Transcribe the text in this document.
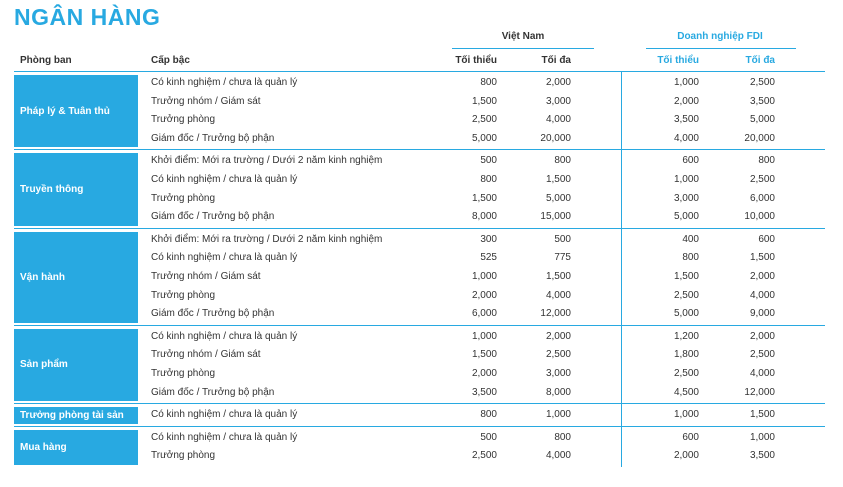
NGÂN HÀNG
Việt Nam	Doanh nghiệp FDI
Phòng ban	Cấp bậc	Tối thiểu	Tối đa	Tối thiểu	Tối đa
Pháp lý & Tuân thủ
Có kinh nghiệm / chưa là quản lý	800	2,000	1,000	2,500
Trưởng nhóm / Giám sát	1,500	3,000	2,000	3,500
Trưởng phòng	2,500	4,000	3,500	5,000
Giám đốc / Trưởng bộ phận	5,000	20,000	4,000	20,000
Truyền thông
Khởi điểm: Mới ra trường / Dưới 2 năm kinh nghiệm	500	800	600	800
Có kinh nghiệm / chưa là quản lý	800	1,500	1,000	2,500
Trưởng phòng	1,500	5,000	3,000	6,000
Giám đốc / Trưởng bộ phận	8,000	15,000	5,000	10,000
Vận hành
Khởi điểm: Mới ra trường / Dưới 2 năm kinh nghiệm	300	500	400	600
Có kinh nghiệm / chưa là quản lý	525	775	800	1,500
Trưởng nhóm / Giám sát	1,000	1,500	1,500	2,000
Trưởng phòng	2,000	4,000	2,500	4,000
Giám đốc / Trưởng bộ phận	6,000	12,000	5,000	9,000
Sản phẩm
Có kinh nghiệm / chưa là quản lý	1,000	2,000	1,200	2,000
Trưởng nhóm / Giám sát	1,500	2,500	1,800	2,500
Trưởng phòng	2,000	3,000	2,500	4,000
Giám đốc / Trưởng bộ phận	3,500	8,000	4,500	12,000
Trưởng phòng tài sản	Có kinh nghiệm / chưa là quản lý	800	1,000	1,000	1,500
Mua hàng
Có kinh nghiệm / chưa là quản lý	500	800	600	1,000
Trưởng phòng	2,500	4,000	2,000	3,500
